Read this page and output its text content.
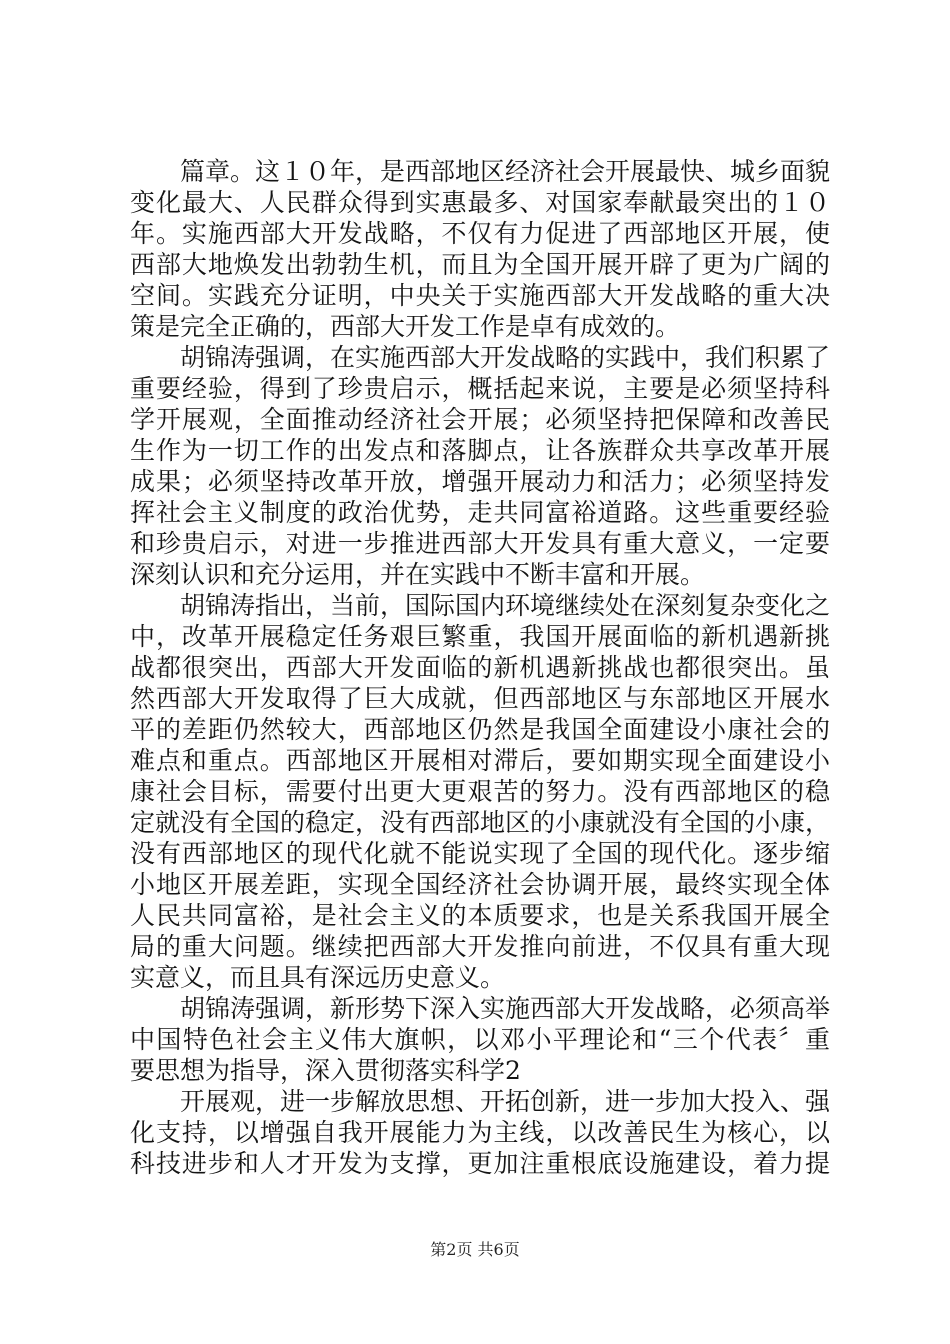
篇章。这１０年，是西部地区经济社会开展最快、城乡面貌
变化最大、人民群众得到实惠最多、对国家奉献最突出的１０
年。实施西部大开发战略，不仅有力促进了西部地区开展，使
西部大地焕发出勃勃生机，而且为全国开展开辟了更为广阔的
空间。实践充分证明，中央关于实施西部大开发战略的重大决
策是完全正确的，西部大开发工作是卓有成效的。
胡锦涛强调，在实施西部大开发战略的实践中，我们积累了
重要经验，得到了珍贵启示，概括起来说，主要是必须坚持科
学开展观，全面推动经济社会开展；必须坚持把保障和改善民
生作为一切工作的出发点和落脚点，让各族群众共享改革开展
成果；必须坚持改革开放，增强开展动力和活力；必须坚持发
挥社会主义制度的政治优势，走共同富裕道路。这些重要经验
和珍贵启示，对进一步推进西部大开发具有重大意义，一定要
深刻认识和充分运用，并在实践中不断丰富和开展。
胡锦涛指出，当前，国际国内环境继续处在深刻复杂变化之
中，改革开展稳定任务艰巨繁重，我国开展面临的新机遇新挑
战都很突出，西部大开发面临的新机遇新挑战也都很突出。虽
然西部大开发取得了巨大成就，但西部地区与东部地区开展水
平的差距仍然较大，西部地区仍然是我国全面建设小康社会的
难点和重点。西部地区开展相对滞后，要如期实现全面建设小
康社会目标，需要付出更大更艰苦的努力。没有西部地区的稳
定就没有全国的稳定，没有西部地区的小康就没有全国的小康，
没有西部地区的现代化就不能说实现了全国的现代化。逐步缩
小地区开展差距，实现全国经济社会协调开展，最终实现全体
人民共同富裕，是社会主义的本质要求，也是关系我国开展全
局的重大问题。继续把西部大开发推向前进，不仅具有重大现
实意义，而且具有深远历史意义。
胡锦涛强调，新形势下深入实施西部大开发战略，必须高举
中国特色社会主义伟大旗帜，以邓小平理论和“三个代表〞重
要思想为指导，深入贯彻落实科学2
开展观，进一步解放思想、开拓创新，进一步加大投入、强
化支持，以增强自我开展能力为主线，以改善民生为核心，以
科技进步和人才开发为支撑，更加注重根底设施建设，着力提
第2页 共6页
